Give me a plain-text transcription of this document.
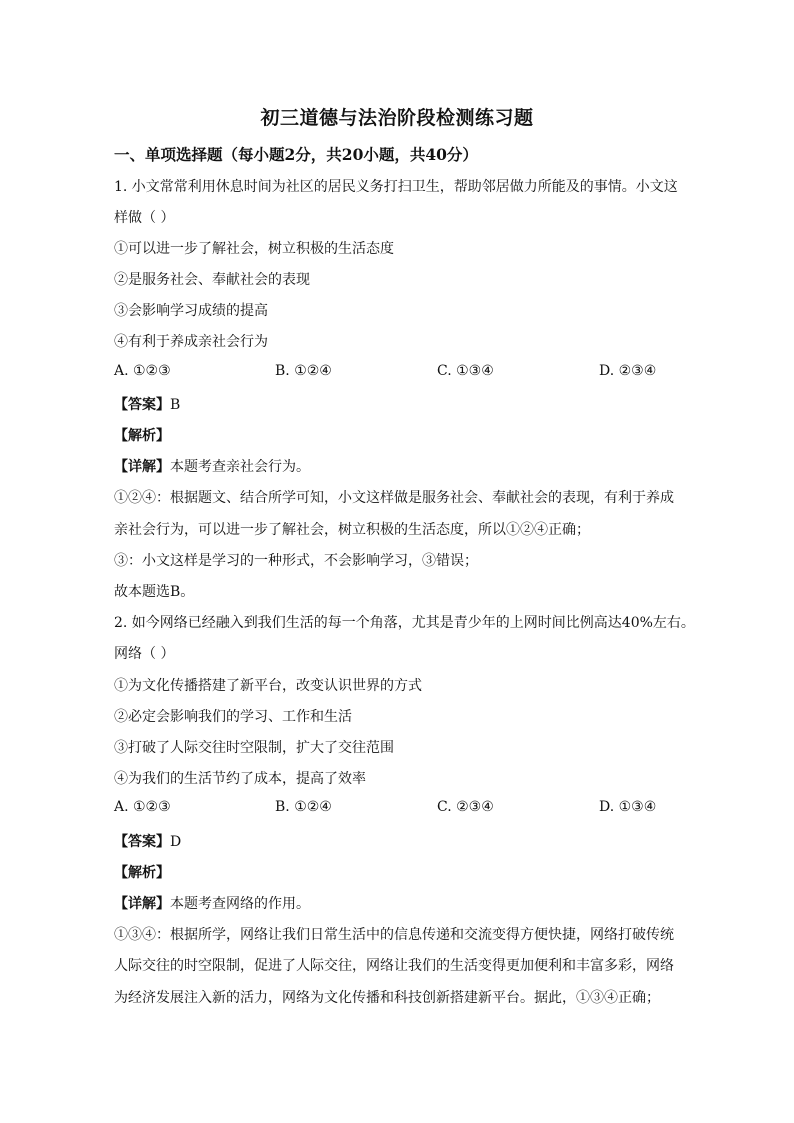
初三道德与法治阶段检测练习题
一、单项选择题（每小题2分，共20小题，共40分）
1. 小文常常利用休息时间为社区的居民义务打扫卫生，帮助邻居做力所能及的事情。小文这
样做（ ）
①可以进一步了解社会，树立积极的生活态度
②是服务社会、奉献社会的表现
③会影响学习成绩的提高
④有利于养成亲社会行为
A. ①②③	B. ①②④	C. ①③④	D. ②③④
【答案】B
【解析】
【详解】本题考查亲社会行为。
①②④：根据题文、结合所学可知，小文这样做是服务社会、奉献社会的表现，有利于养成
亲社会行为，可以进一步了解社会，树立积极的生活态度，所以①②④正确；
③：小文这样是学习的一种形式，不会影响学习，③错误；
故本题选B。
2. 如今网络已经融入到我们生活的每一个角落，尤其是青少年的上网时间比例高达40%左右。
网络（ ）
①为文化传播搭建了新平台，改变认识世界的方式
②必定会影响我们的学习、工作和生活
③打破了人际交往时空限制，扩大了交往范围
④为我们的生活节约了成本，提高了效率
A. ①②③	B. ①②④	C. ②③④	D. ①③④
【答案】D
【解析】
【详解】本题考查网络的作用。
①③④：根据所学，网络让我们日常生活中的信息传递和交流变得方便快捷，网络打破传统
人际交往的时空限制，促进了人际交往，网络让我们的生活变得更加便利和丰富多彩，网络
为经济发展注入新的活力，网络为文化传播和科技创新搭建新平台。据此，①③④正确；
